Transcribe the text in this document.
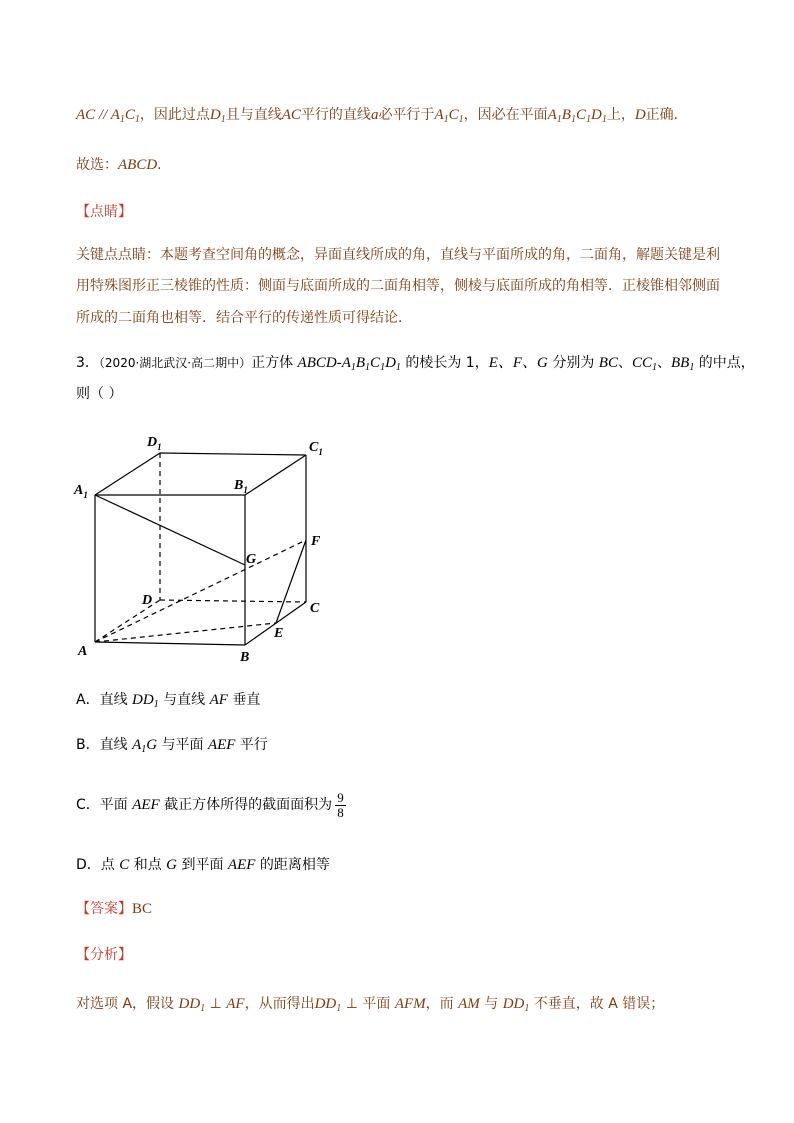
AC // $A_1C_1$，因此过点$D_1$且与直线AC平行的直线a必平行于$A_1C_1$，因必在平面$A_1B_1C_1D_1$上，D正确．
故选：ABCD.
【点睛】
关键点点睛：本题考查空间角的概念，异面直线所成的角，直线与平面所成的角，二面角，解题关键是利
用特殊图形正三棱锥的性质：侧面与底面所成的二面角相等，侧棱与底面所成的角相等．正棱锥相邻侧面
所成的二面角也相等．结合平行的传递性质可得结论．
3．（2020·湖北武汉·高二期中）正方体 ABCD-$A_1B_1C_1D_1$ 的棱长为 1，E、F、G 分别为 BC、$CC_1$、$BB_1$ 的中点，
则（ ）
$D_1$	$C_1$
$A_1$
$B_1$
G
F
D
C
E
A	B
A．直线 $DD_1$ 与直线 AF 垂直
B．直线 $A_1G$ 与平面 AEF 平行
C．平面 AEF 截正方体所得的截面面积为 $\frac{9}{8}$
D．点 C 和点 G 到平面 AEF 的距离相等
【答案】BC
【分析】
对选项 A，假设 $DD_1$ ⊥ AF，从而得出$DD_1$ ⊥ 平面 AFM，而 AM 与 $DD_1$ 不垂直，故 A 错误；
